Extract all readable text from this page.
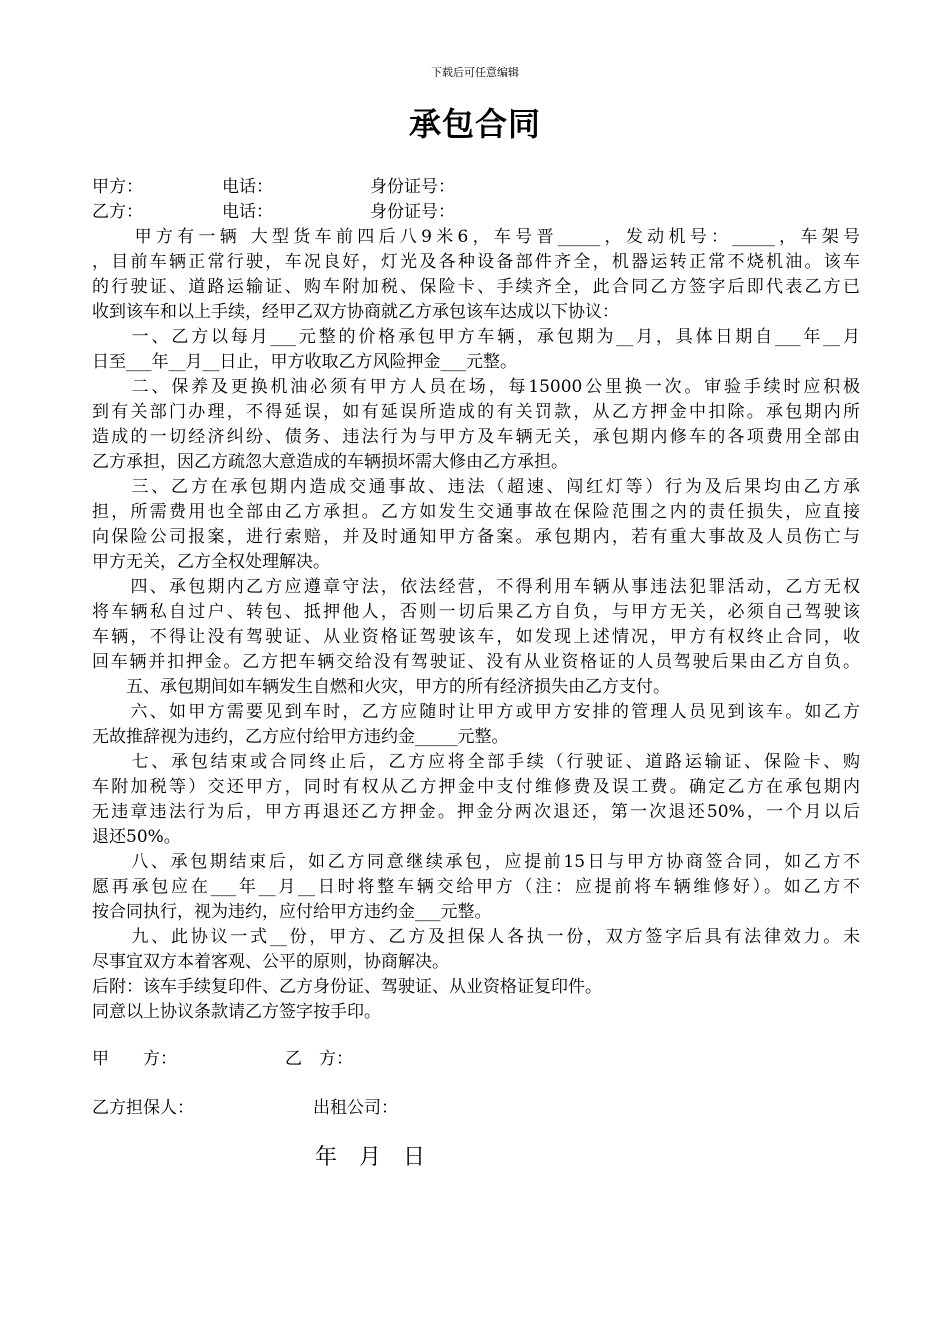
下载后可任意编辑
承包合同
甲方：	电话：	身份证号：
乙方：	电话：	身份证号：
　　甲方有一辆 大型货车前四后八9米6，车号晋_____，发动机号：_____，车架号
，目前车辆正常行驶，车况良好，灯光及各种设备部件齐全，机器运转正常不烧机油。该车
的行驶证、道路运输证、购车附加税、保险卡、手续齐全，此合同乙方签字后即代表乙方已
收到该车和以上手续，经甲乙双方协商就乙方承包该车达成以下协议：
　　一、乙方以每月___元整的价格承包甲方车辆，承包期为__月，具体日期自___年__月
日至___年__月__日止，甲方收取乙方风险押金___元整。
　　二、保养及更换机油必须有甲方人员在场，每15000公里换一次。审验手续时应积极
到有关部门办理，不得延误，如有延误所造成的有关罚款，从乙方押金中扣除。承包期内所
造成的一切经济纠纷、债务、违法行为与甲方及车辆无关，承包期内修车的各项费用全部由
乙方承担，因乙方疏忽大意造成的车辆损坏需大修由乙方承担。
　　三、乙方在承包期内造成交通事故、违法（超速、闯红灯等）行为及后果均由乙方承
担，所需费用也全部由乙方承担。乙方如发生交通事故在保险范围之内的责任损失，应直接
向保险公司报案，进行索赔，并及时通知甲方备案。承包期内，若有重大事故及人员伤亡与
甲方无关，乙方全权处理解决。
　　四、承包期内乙方应遵章守法，依法经营，不得利用车辆从事违法犯罪活动，乙方无权
将车辆私自过户、转包、抵押他人，否则一切后果乙方自负，与甲方无关，必须自己驾驶该
车辆，不得让没有驾驶证、从业资格证驾驶该车，如发现上述情况，甲方有权终止合同，收
回车辆并扣押金。乙方把车辆交给没有驾驶证、没有从业资格证的人员驾驶后果由乙方自负。
　　五、承包期间如车辆发生自燃和火灾，甲方的所有经济损失由乙方支付。
　　六、如甲方需要见到车时，乙方应随时让甲方或甲方安排的管理人员见到该车。如乙方
无故推辞视为违约，乙方应付给甲方违约金_____元整。
　　七、承包结束或合同终止后，乙方应将全部手续（行驶证、道路运输证、保险卡、购
车附加税等）交还甲方，同时有权从乙方押金中支付维修费及误工费。确定乙方在承包期内
无违章违法行为后，甲方再退还乙方押金。押金分两次退还，第一次退还50%，一个月以后
退还50%。
　　八、承包期结束后，如乙方同意继续承包，应提前15日与甲方协商签合同，如乙方不
愿再承包应在___年__月__日时将整车辆交给甲方（注：应提前将车辆维修好）。如乙方不
按合同执行，视为违约，应付给甲方违约金___元整。
　　九、此协议一式__份，甲方、乙方及担保人各执一份，双方签字后具有法律效力。未
尽事宜双方本着客观、公平的原则，协商解决。
后附：该车手续复印件、乙方身份证、驾驶证、从业资格证复印件。
同意以上协议条款请乙方签字按手印。
甲　　方：	乙　方：
乙方担保人：	出租公司：
年　月　日
